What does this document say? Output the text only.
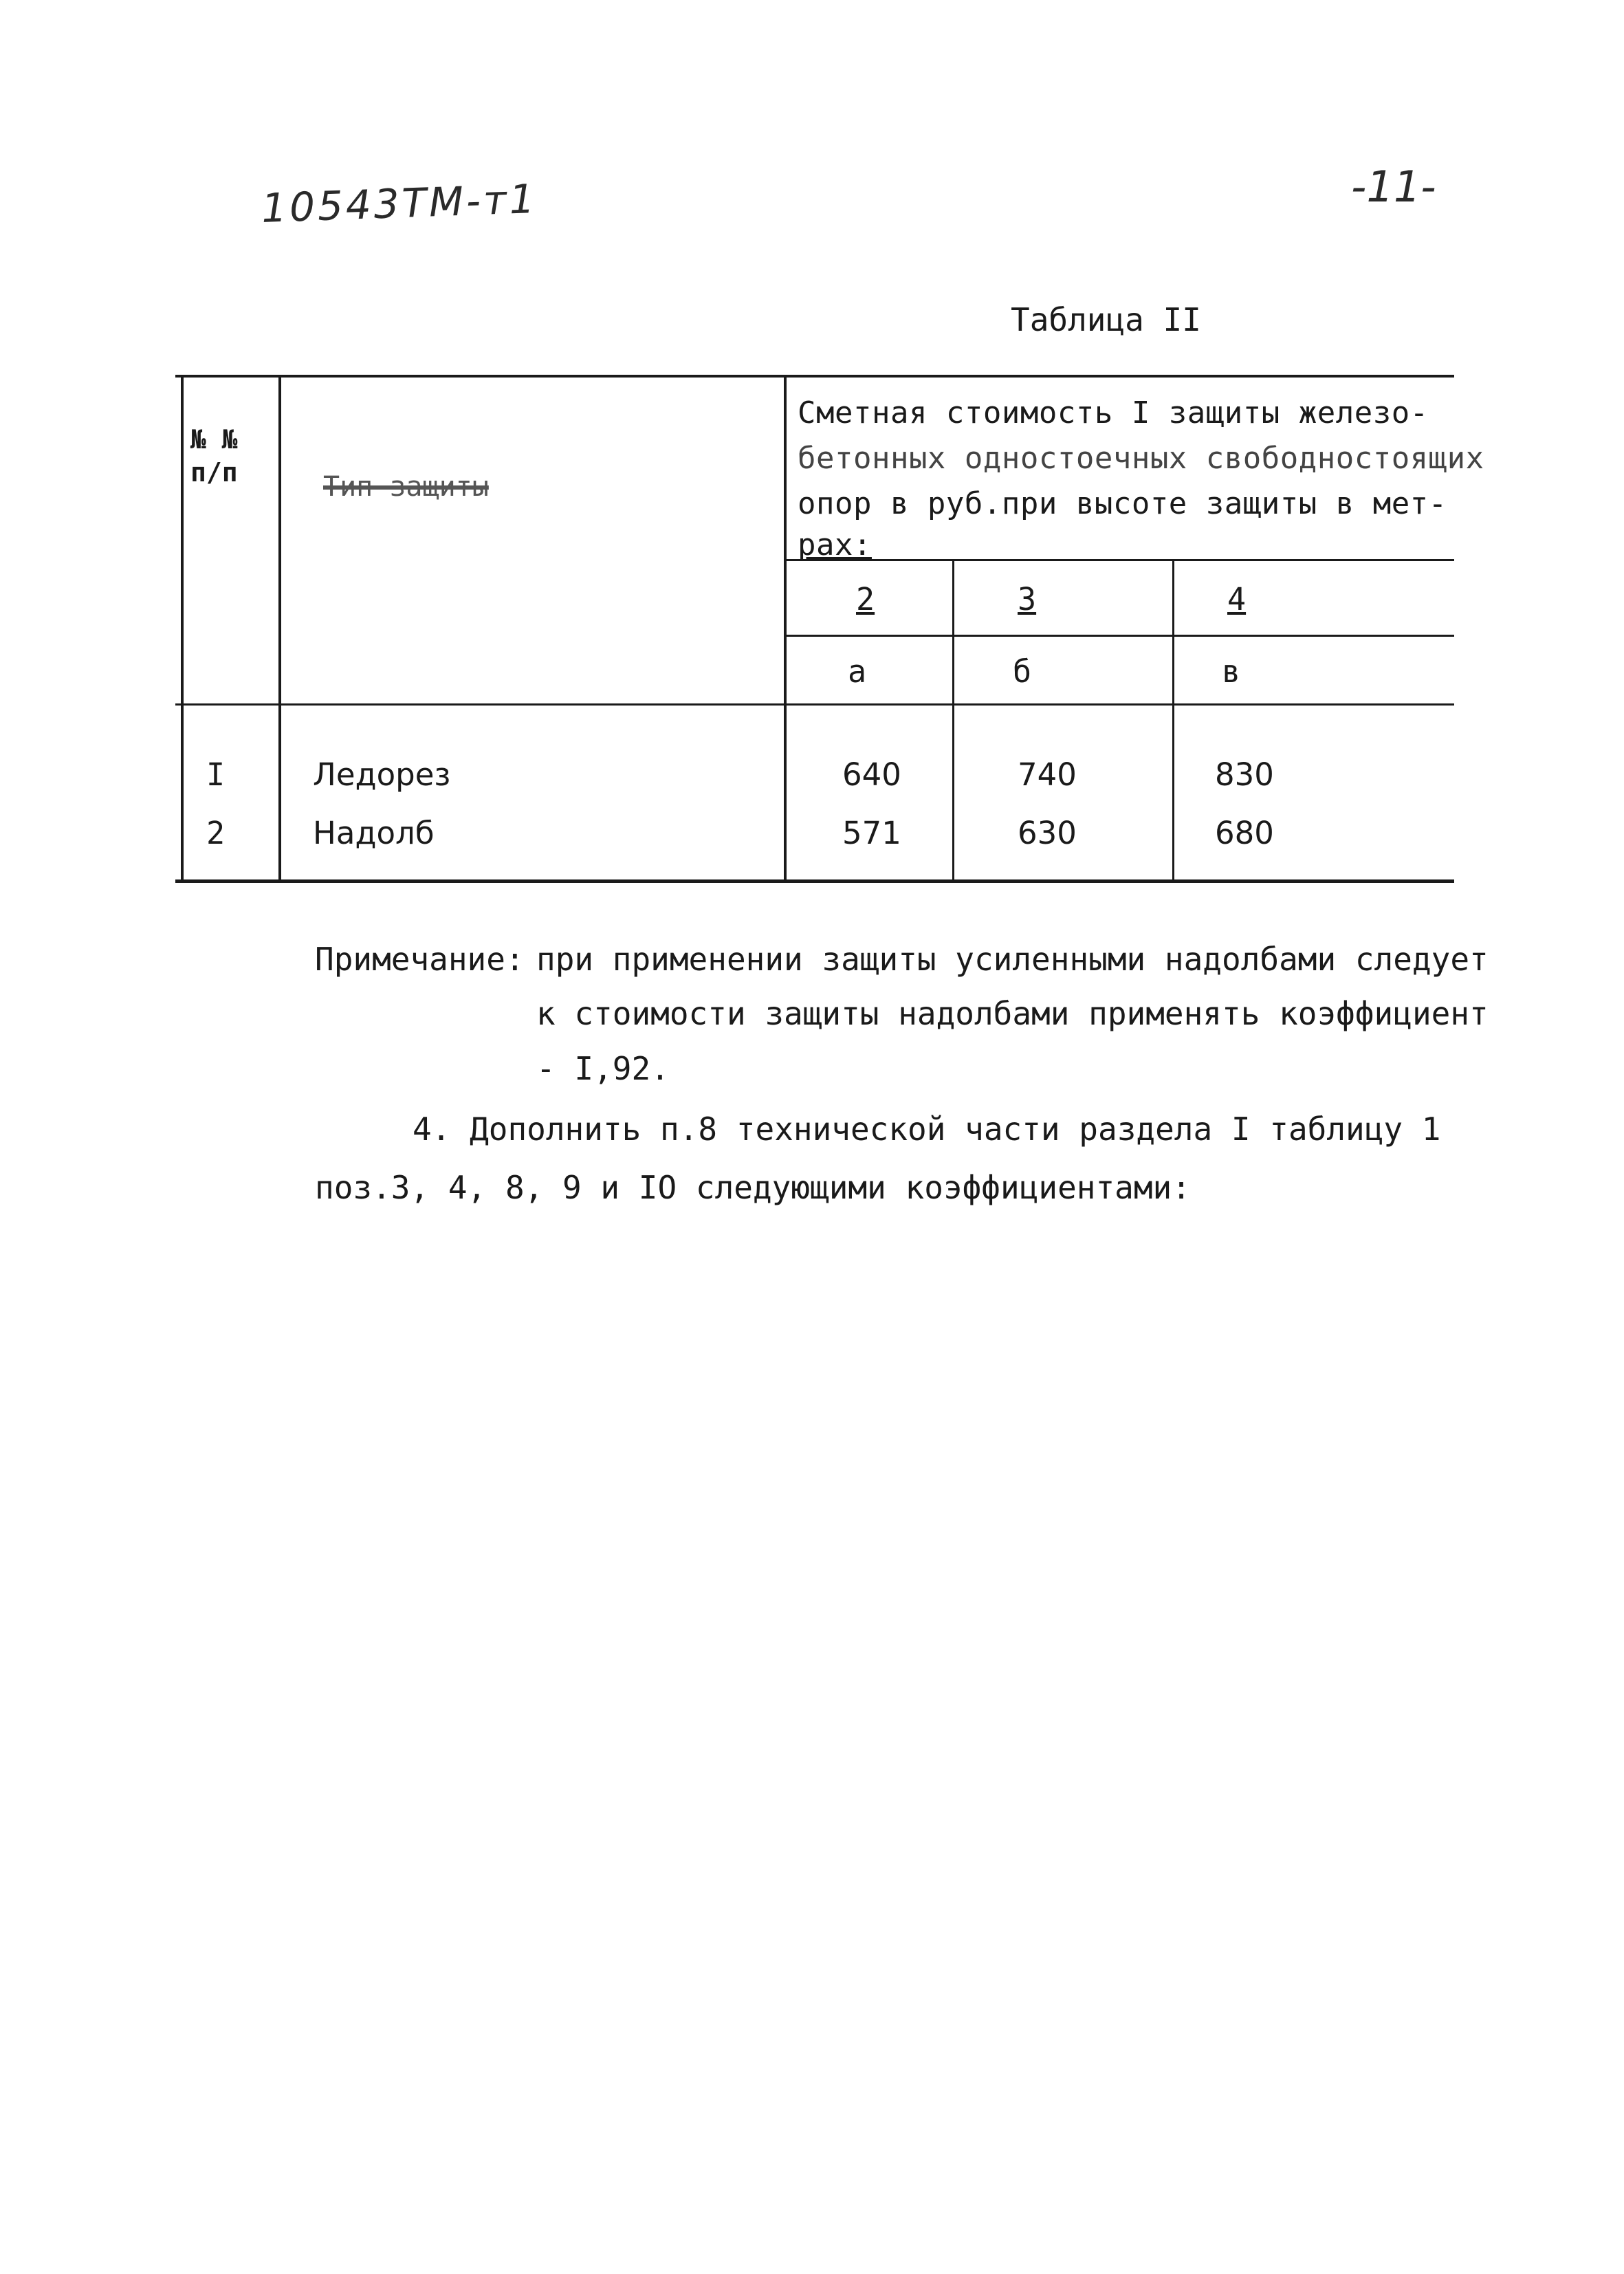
10543ТМ-т1	-11-
Таблица II
№ № п/п	Тип защиты
Сметная стоимость I защиты железо-
бетонных одностоечных свободностоящих
опор в руб.при высоте защиты в мет-
рах:
2	3	4
а	б	в
I	Ледорез	640	740	830
2	Надолб	571	630	680
Примечание: при применении защиты усиленными надолбами следует
к стоимости защиты надолбами применять коэффициент
- I,92.
4. Дополнить п.8 технической части раздела I таблицу 1
поз.3, 4, 8, 9 и IO следующими коэффициентами:
